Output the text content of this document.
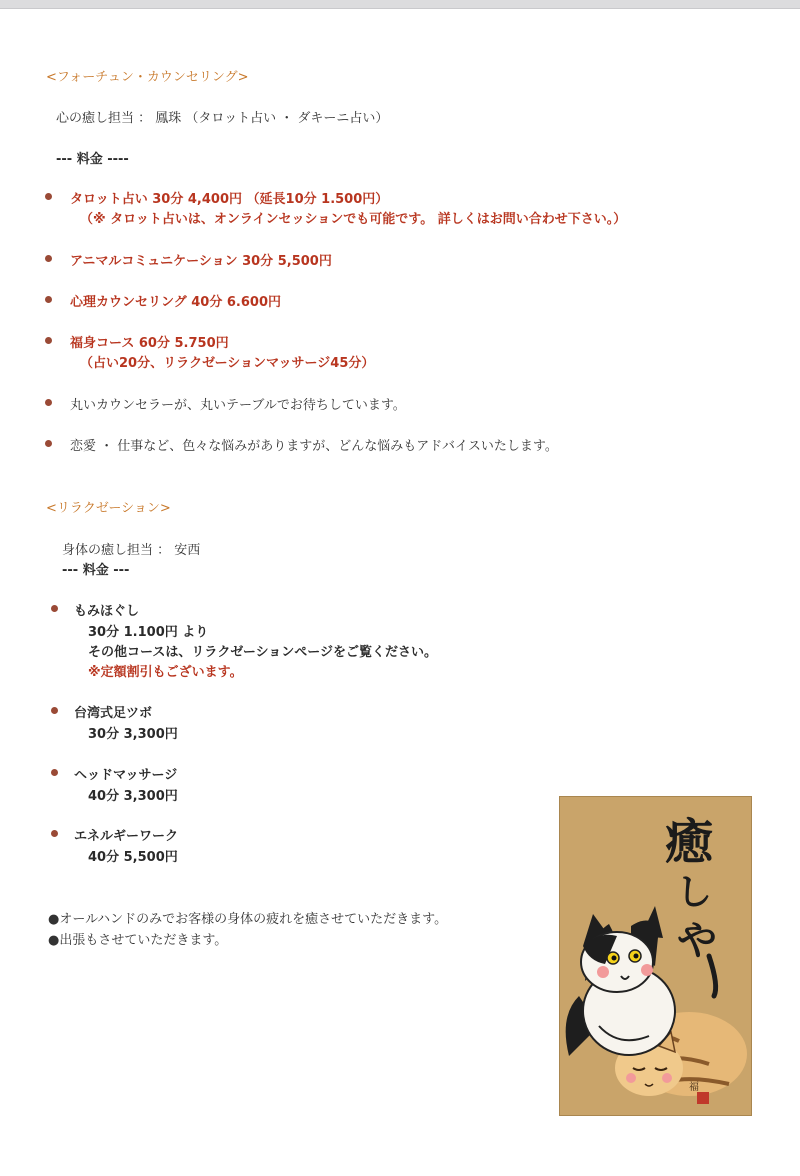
<フォーチュン・カウンセリング>
心の癒し担当 ： 鳳珠 （タロット占い ・ ダキーニ占い）
--- 料金 ----
タロット占い 30分 4,400円 （延長10分 1.500円）
（※ タロット占いは、オンラインセッションでも可能です。 詳しくはお問い合わせ下さい。）
アニマルコミュニケーション 30分 5,500円
心理カウンセリング 40分 6.600円
福身コース 60分 5.750円
（占い20分、リラクゼーションマッサージ45分）
丸いカウンセラーが、丸いテーブルでお待ちしています。
恋愛 ・ 仕事など、色々な悩みがありますが、どんな悩みもアドバイスいたします。
<リラクゼーション>
身体の癒し担当 ： 安西
--- 料金 ---
もみほぐし
30分 1.100円 より
その他コースは、リラクゼーションページをご覧ください。
※定額割引もございます。
台湾式足ツボ
30分 3,300円
ヘッドマッサージ
40分 3,300円
エネルギーワーク
40分 5,500円
●オールハンドのみでお客様の身体の疲れを癒させていただきます。
●出張もさせていただきます。
癒
し
や
福
